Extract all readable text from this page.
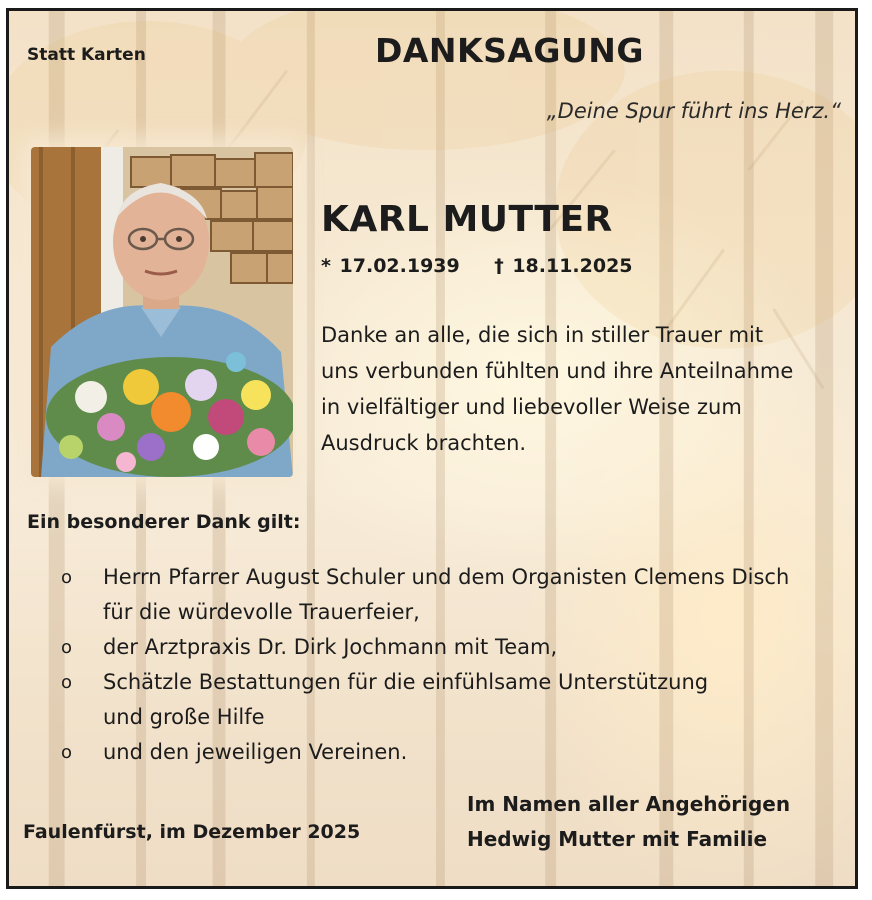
Statt Karten	DANKSAGUNG
„Deine Spur führt ins Herz.“
KARL MUTTER
* 17.02.1939 † 18.11.2025
Danke an alle, die sich in stiller Trauer mit
uns verbunden fühlten und ihre Anteilnahme
in vielfältiger und liebevoller Weise zum
Ausdruck brachten.
Ein besonderer Dank gilt:
o Herrn Pfarrer August Schuler und dem Organisten Clemens Disch
für die würdevolle Trauerfeier,
o der Arztpraxis Dr. Dirk Jochmann mit Team,
o Schätzle Bestattungen für die einfühlsame Unterstützung
und große Hilfe
o und den jeweiligen Vereinen.
Faulenfürst, im Dezember 2025
Im Namen aller Angehörigen
Hedwig Mutter mit Familie
